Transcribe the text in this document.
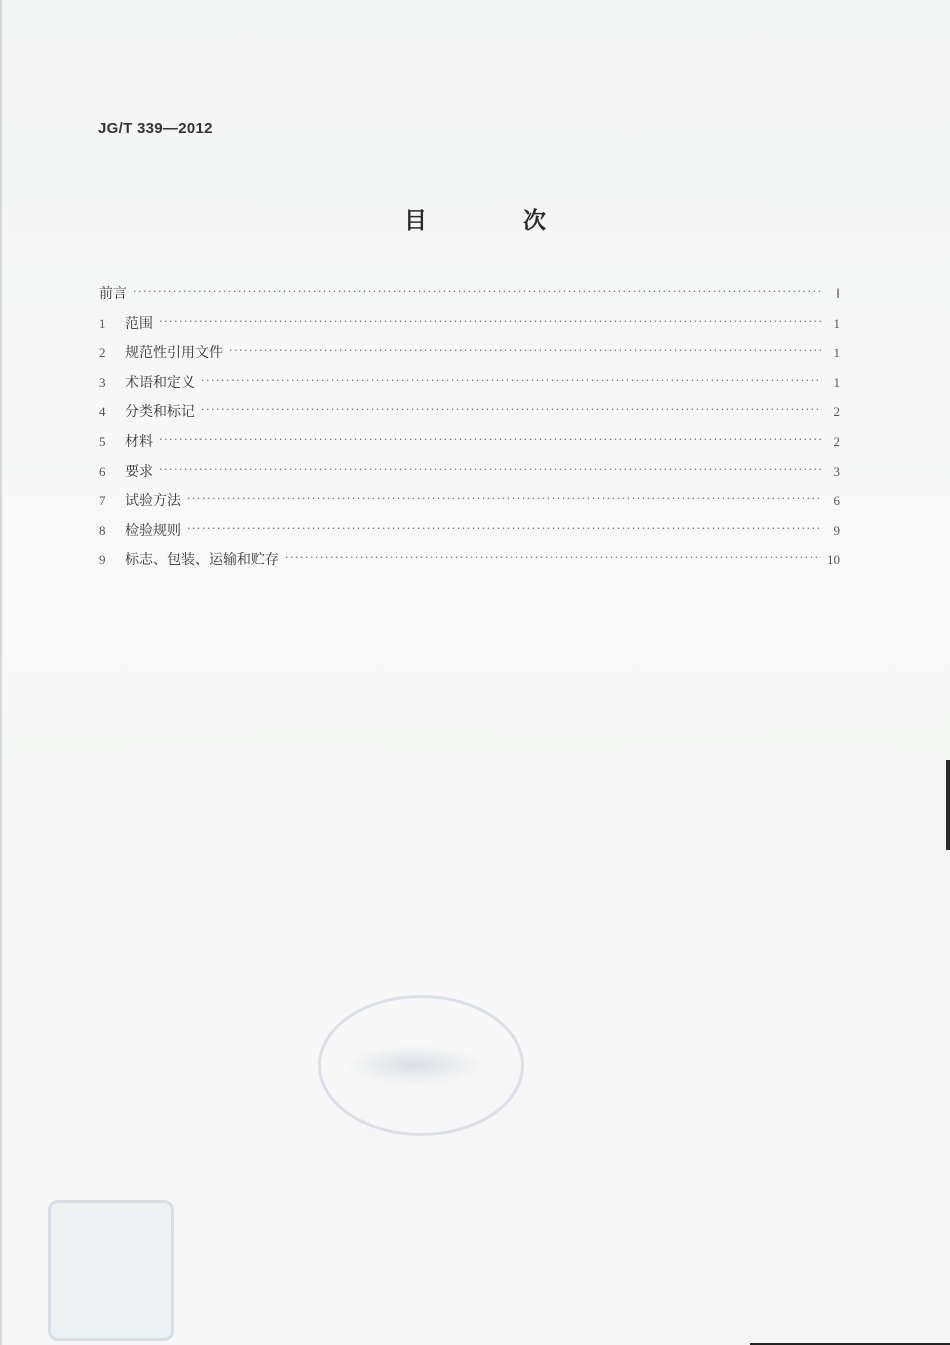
JG/T 339—2012
目 次
前言 ·····	Ⅰ
1	范围 ·····	1
2	规范性引用文件 ·····	1
3	术语和定义 ·····	1
4	分类和标记 ·····	2
5	材料 ·····	2
6	要求 ·····	3
7	试验方法 ·····	6
8	检验规则 ·····	9
9	标志、包装、运输和贮存 ·····	10
